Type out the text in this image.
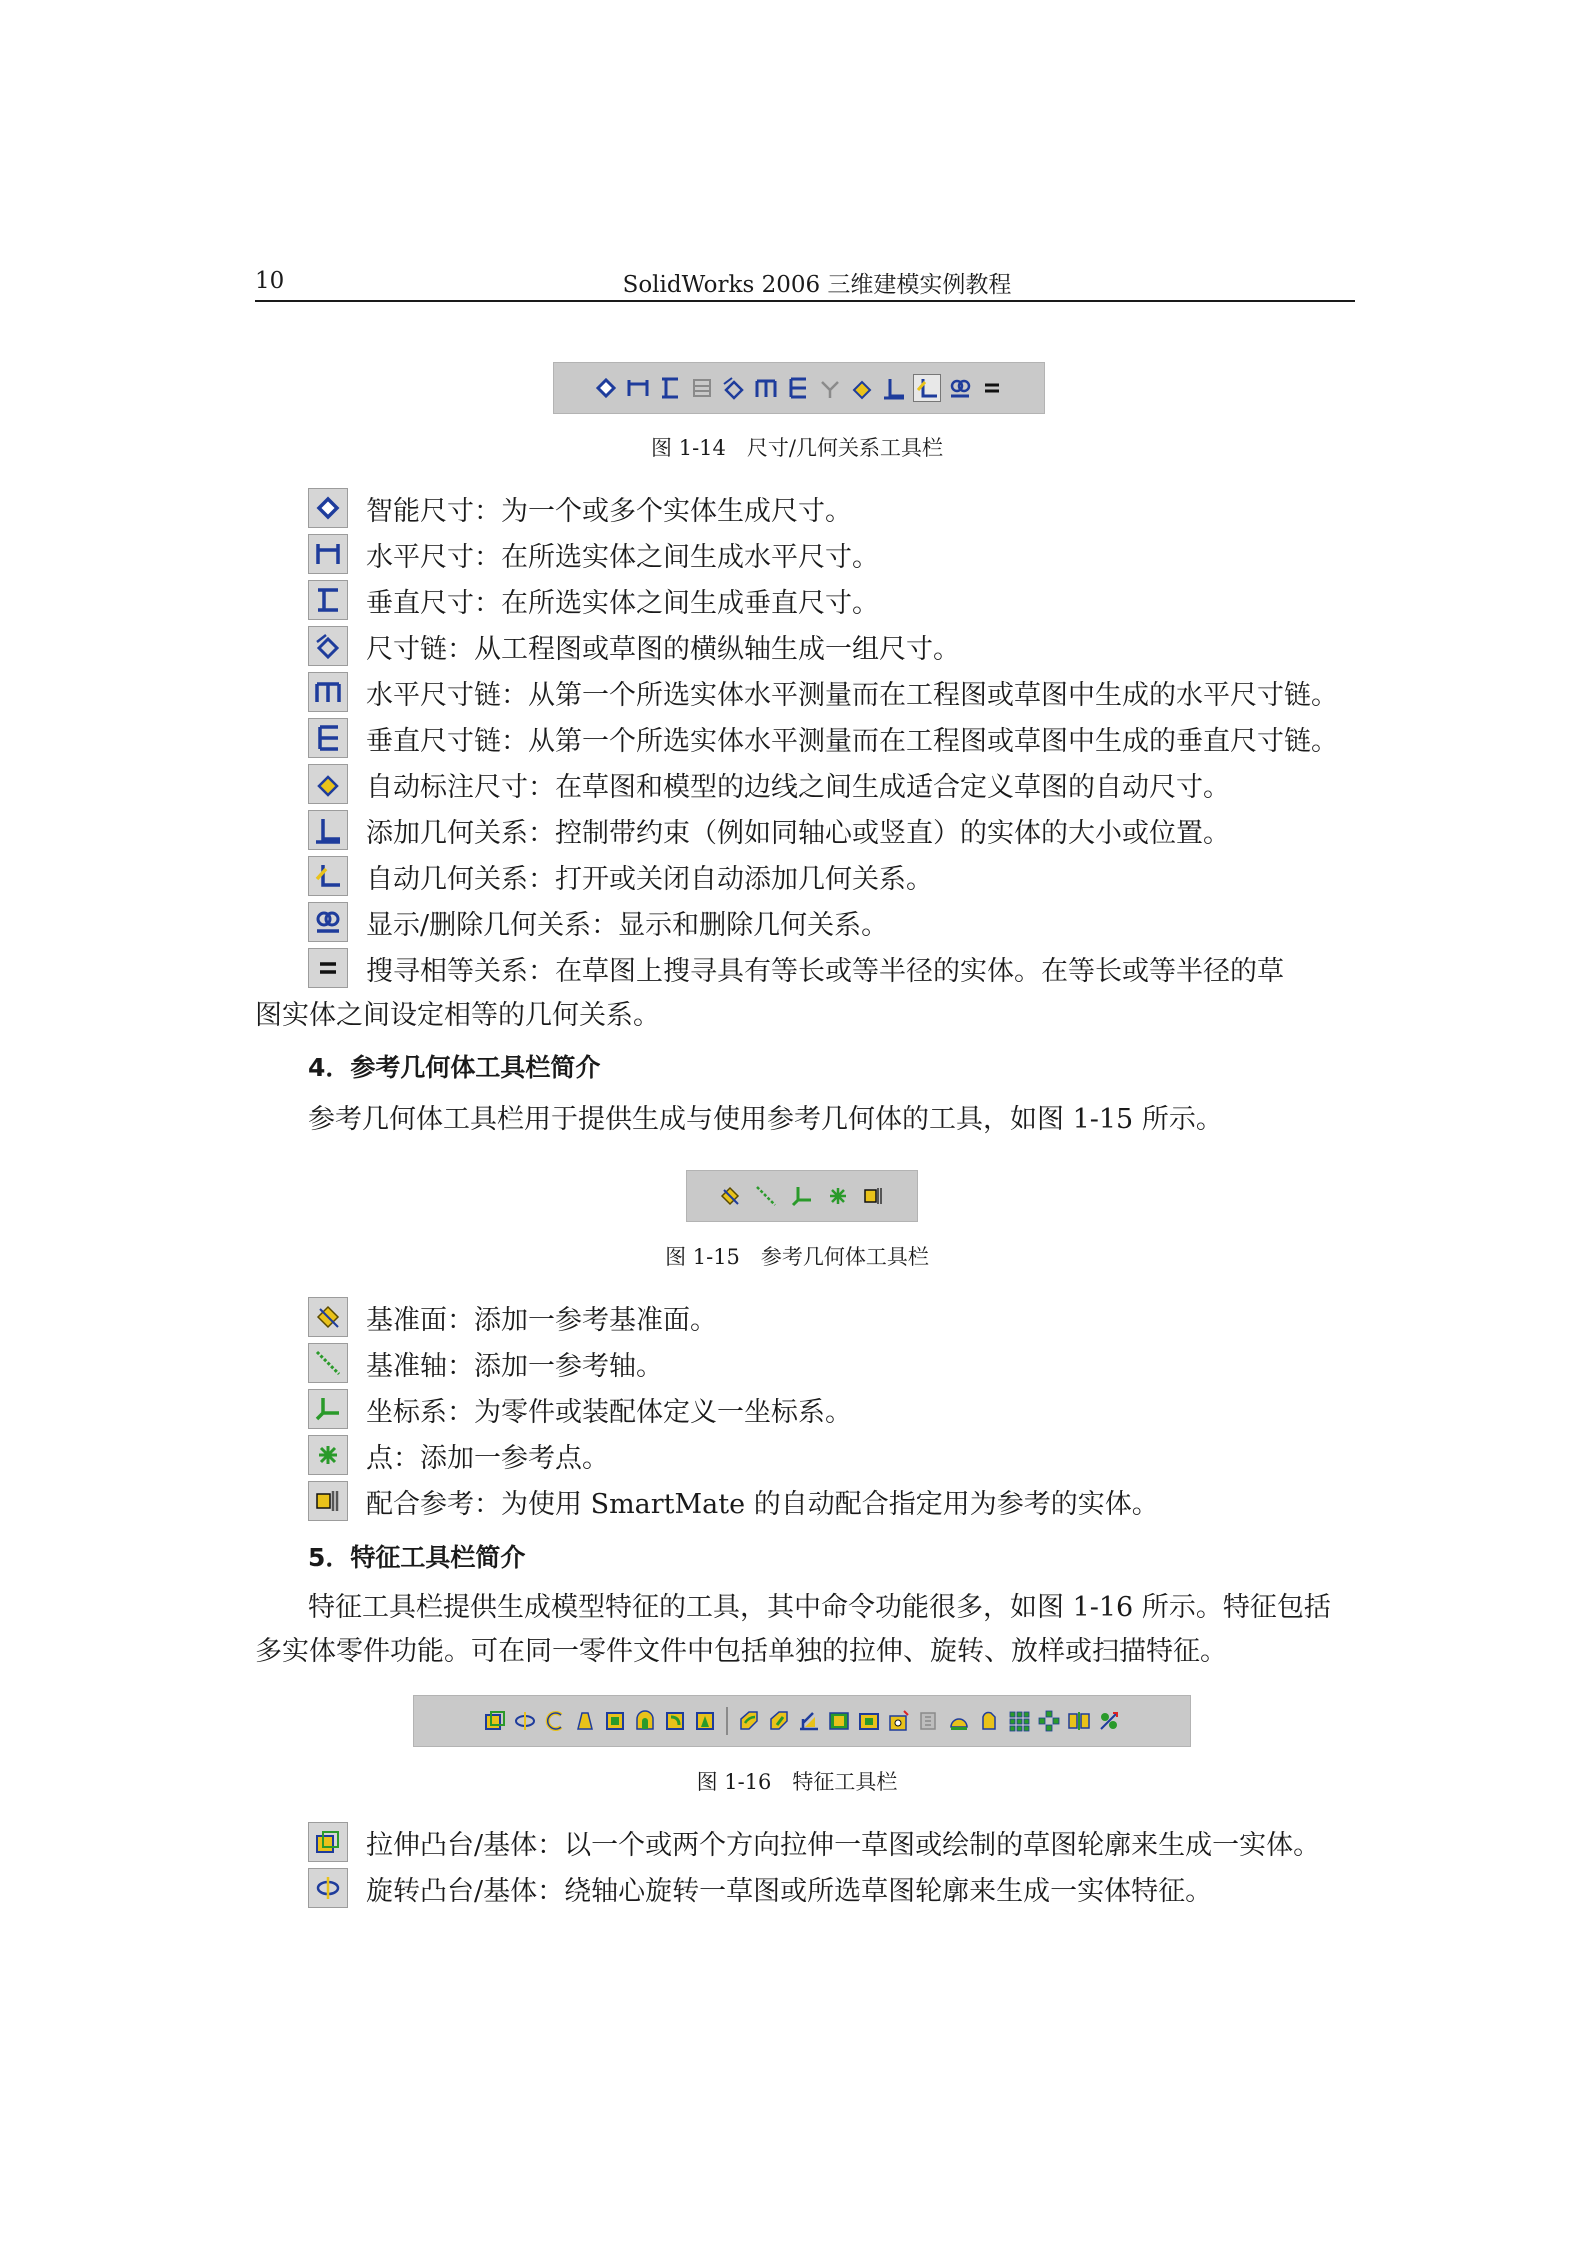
10	SolidWorks 2006 三维建模实例教程
图 1-14　尺寸/几何关系工具栏
智能尺寸：为一个或多个实体生成尺寸。
水平尺寸：在所选实体之间生成水平尺寸。
垂直尺寸：在所选实体之间生成垂直尺寸。
尺寸链：从工程图或草图的横纵轴生成一组尺寸。
水平尺寸链：从第一个所选实体水平测量而在工程图或草图中生成的水平尺寸链。
垂直尺寸链：从第一个所选实体水平测量而在工程图或草图中生成的垂直尺寸链。
自动标注尺寸：在草图和模型的边线之间生成适合定义草图的自动尺寸。
添加几何关系：控制带约束（例如同轴心或竖直）的实体的大小或位置。
自动几何关系：打开或关闭自动添加几何关系。
显示/删除几何关系：显示和删除几何关系。
搜寻相等关系：在草图上搜寻具有等长或等半径的实体。在等长或等半径的草
图实体之间设定相等的几何关系。
4．参考几何体工具栏简介
参考几何体工具栏用于提供生成与使用参考几何体的工具，如图 1-15 所示。
图 1-15　参考几何体工具栏
基准面：添加一参考基准面。
基准轴：添加一参考轴。
坐标系：为零件或装配体定义一坐标系。
点：添加一参考点。
配合参考：为使用 SmartMate 的自动配合指定用为参考的实体。
5．特征工具栏简介
特征工具栏提供生成模型特征的工具，其中命令功能很多，如图 1-16 所示。特征包括
多实体零件功能。可在同一零件文件中包括单独的拉伸、旋转、放样或扫描特征。
图 1-16　特征工具栏
拉伸凸台/基体：以一个或两个方向拉伸一草图或绘制的草图轮廓来生成一实体。
旋转凸台/基体：绕轴心旋转一草图或所选草图轮廓来生成一实体特征。
